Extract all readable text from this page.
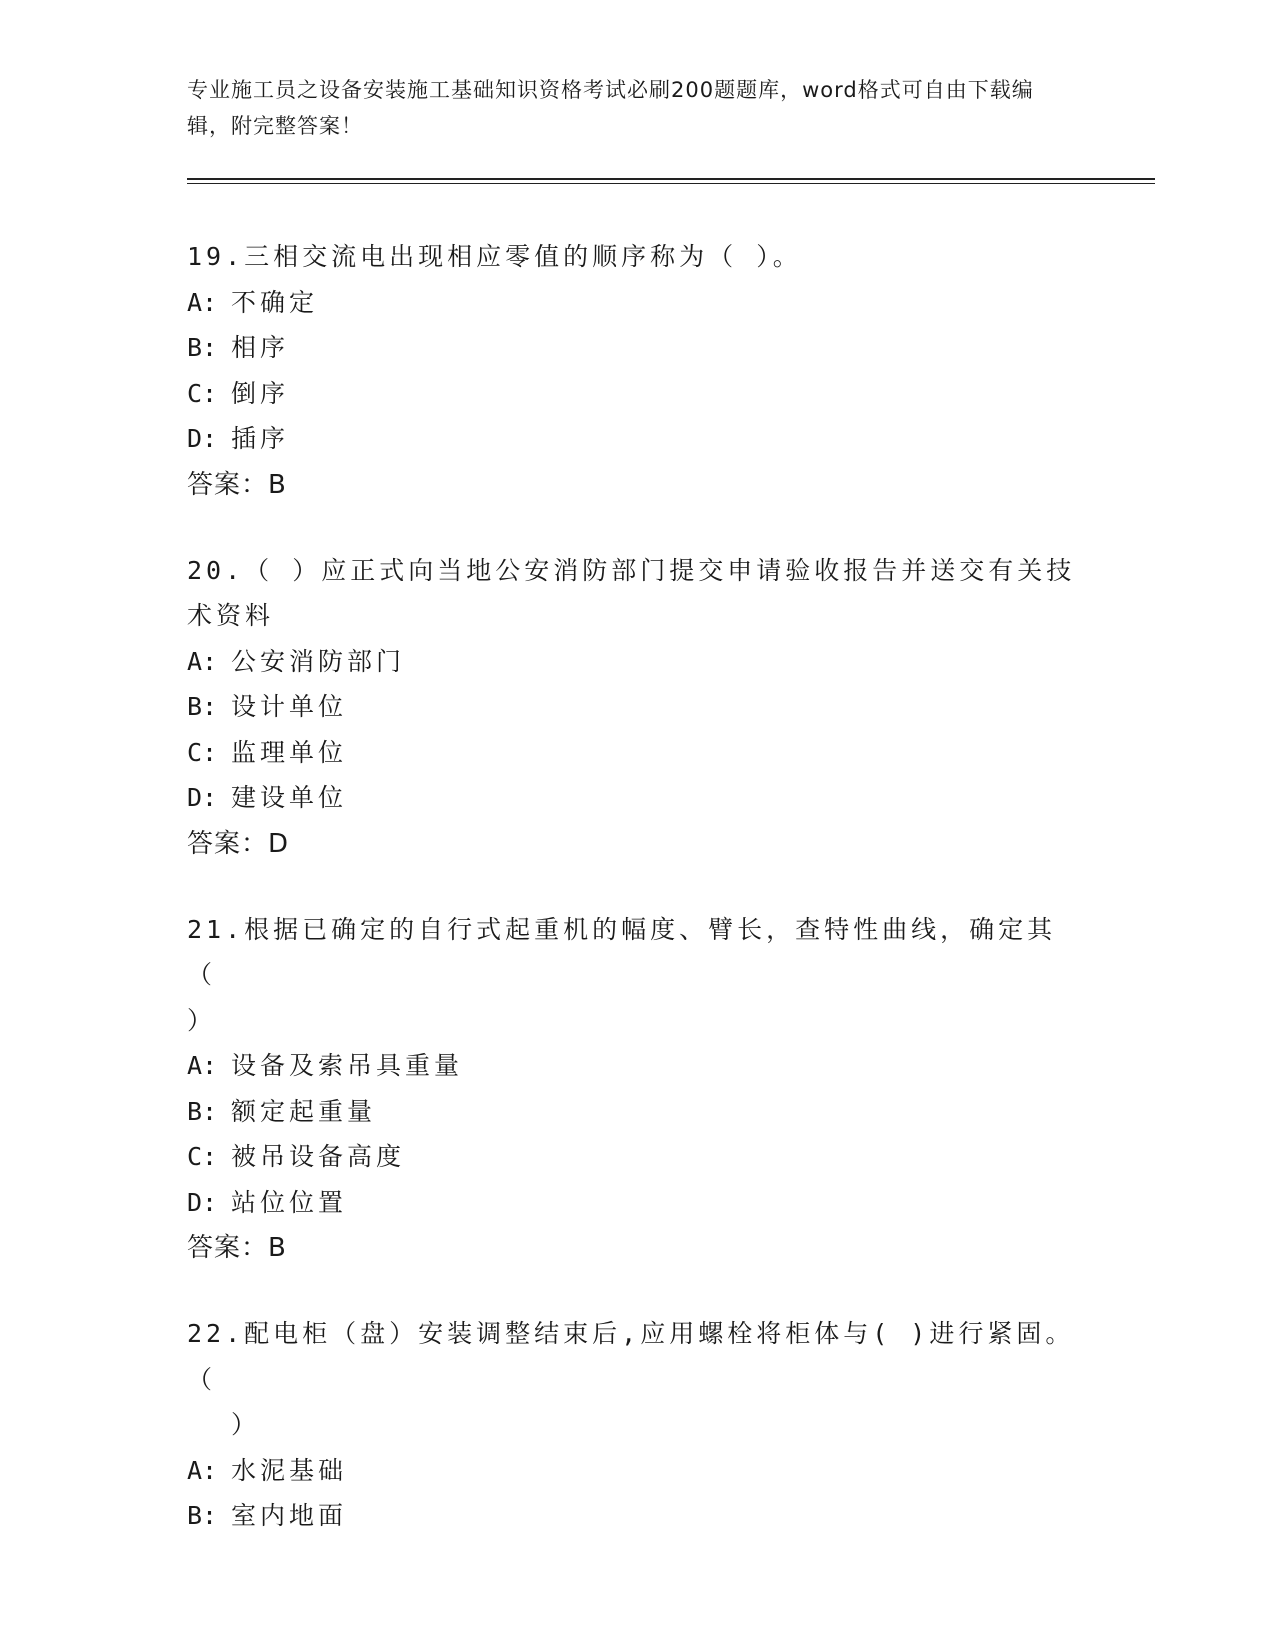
专业施工员之设备安装施工基础知识资格考试必刷200题题库，word格式可自由下载编辑，附完整答案！

19.三相交流电出现相应零值的顺序称为（ ）。

A: 不确定

B: 相序

C: 倒序

D: 插序

答案：B

20.（ ）应正式向当地公安消防部门提交申请验收报告并送交有关技

术资料

A: 公安消防部门

B: 设计单位

C: 监理单位

D: 建设单位

答案：D

21.根据已确定的自行式起重机的幅度、臂长，查特性曲线，确定其（

）

A: 设备及索吊具重量

B: 额定起重量

C: 被吊设备高度

D: 站位位置

答案：B

22.配电柜（盘）安装调整结束后,应用螺栓将柜体与( )进行紧固。（

）

A: 水泥基础

B: 室内地面
